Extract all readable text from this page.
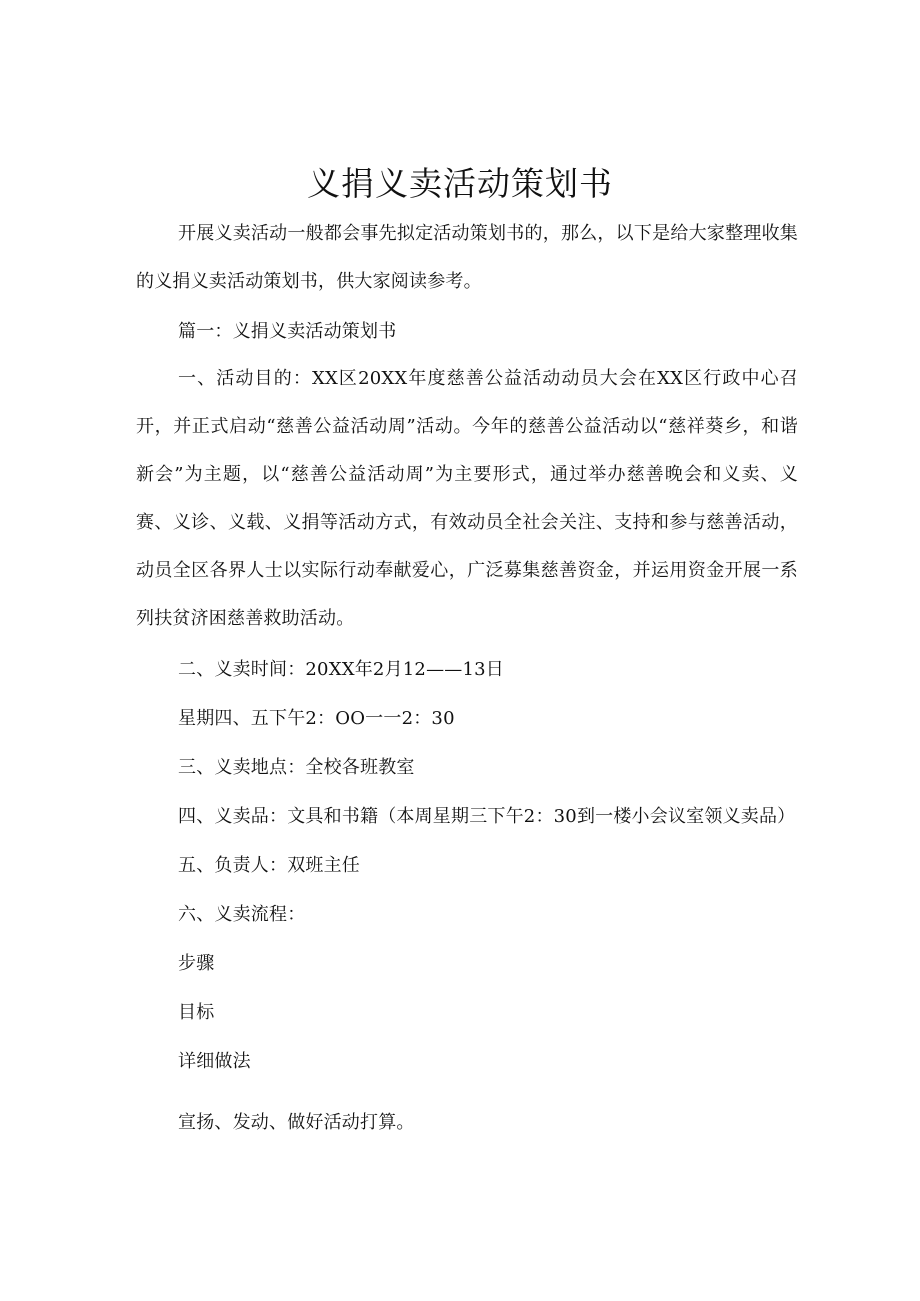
义捐义卖活动策划书

开展义卖活动一般都会事先拟定活动策划书的，那么，以下是给大家整理收集的义捐义卖活动策划书，供大家阅读参考。

篇一：义捐义卖活动策划书

一、活动目的：XX区20XX年度慈善公益活动动员大会在XX区行政中心召开，并正式启动“慈善公益活动周”活动。今年的慈善公益活动以“慈祥葵乡，和谐新会”为主题，以“慈善公益活动周”为主要形式，通过举办慈善晚会和义卖、义赛、义诊、义载、义捐等活动方式，有效动员全社会关注、支持和参与慈善活动，动员全区各界人士以实际行动奉献爱心，广泛募集慈善资金，并运用资金开展一系列扶贫济困慈善救助活动。

二、义卖时间：20XX年2月12——13日
星期四、五下午2：OO一一2：30
三、义卖地点：全校各班教室
四、义卖品：文具和书籍（本周星期三下午2：30到一楼小会议室领义卖品）
五、负责人：双班主任
六、义卖流程：
步骤
目标
详细做法
宣扬、发动、做好活动打算。
